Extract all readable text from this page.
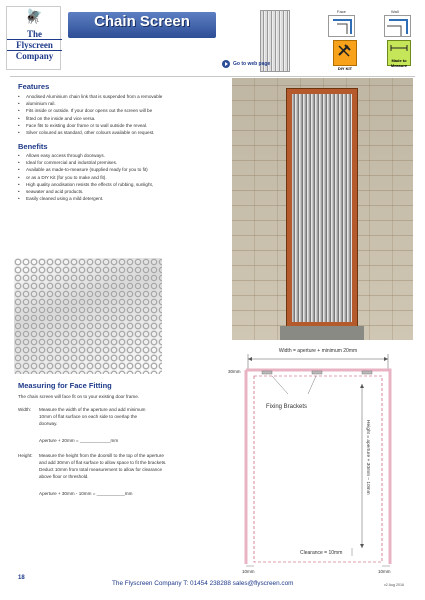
🪰
The
Flyscreen
Company
Chain Screen
Face	Wall
DIY KIT
Made to Measure
Go to web page
Features
• Anodised Aluminium chain link that is suspended from a removable
• aluminium rail.
• Fits inside or outside. If your door opens out the screen will be
• fitted on the inside and vice versa.
• Face fits to existing door frame or to wall outside the reveal.
• Silver coloured as standard, other colours available on request.
Benefits
• Allows easy access through doorways.
• Ideal for commercial and industrial premises.
• Available as made-to-measure (supplied ready for you to fit)
• or as a DIY Kit (for you to make and fit).
• High quality anodisation resists the effects of rubbing, sunlight,
• seawater and acid products.
• Easily cleaned using a mild detergent.
Measuring for Face Fitting
The chain screen will face fit on to your existing door frame.
Width: Measure the width of the aperture and add minimum
10mm of flat surface on each side to overlap the
doorway.
Aperture + 20mm = ____________mm
Height: Measure the height from the doorsill to the top of the aperture
and add 30mm of flat surface to allow space to fit the brackets.
Deduct 10mm from total measurement to allow for clearance
above floor or threshold.
Aperture + 30mm - 10mm = ___________mm
Width = aperture + minimum 20mm
30mm
Fixing Brackets
Height = aperture + 30mm – 10mm
Clearance = 10mm
10mm	10mm
18
The Flyscreen Company T: 01454 238288 sales@flyscreen.com	v2 Aug 2016
